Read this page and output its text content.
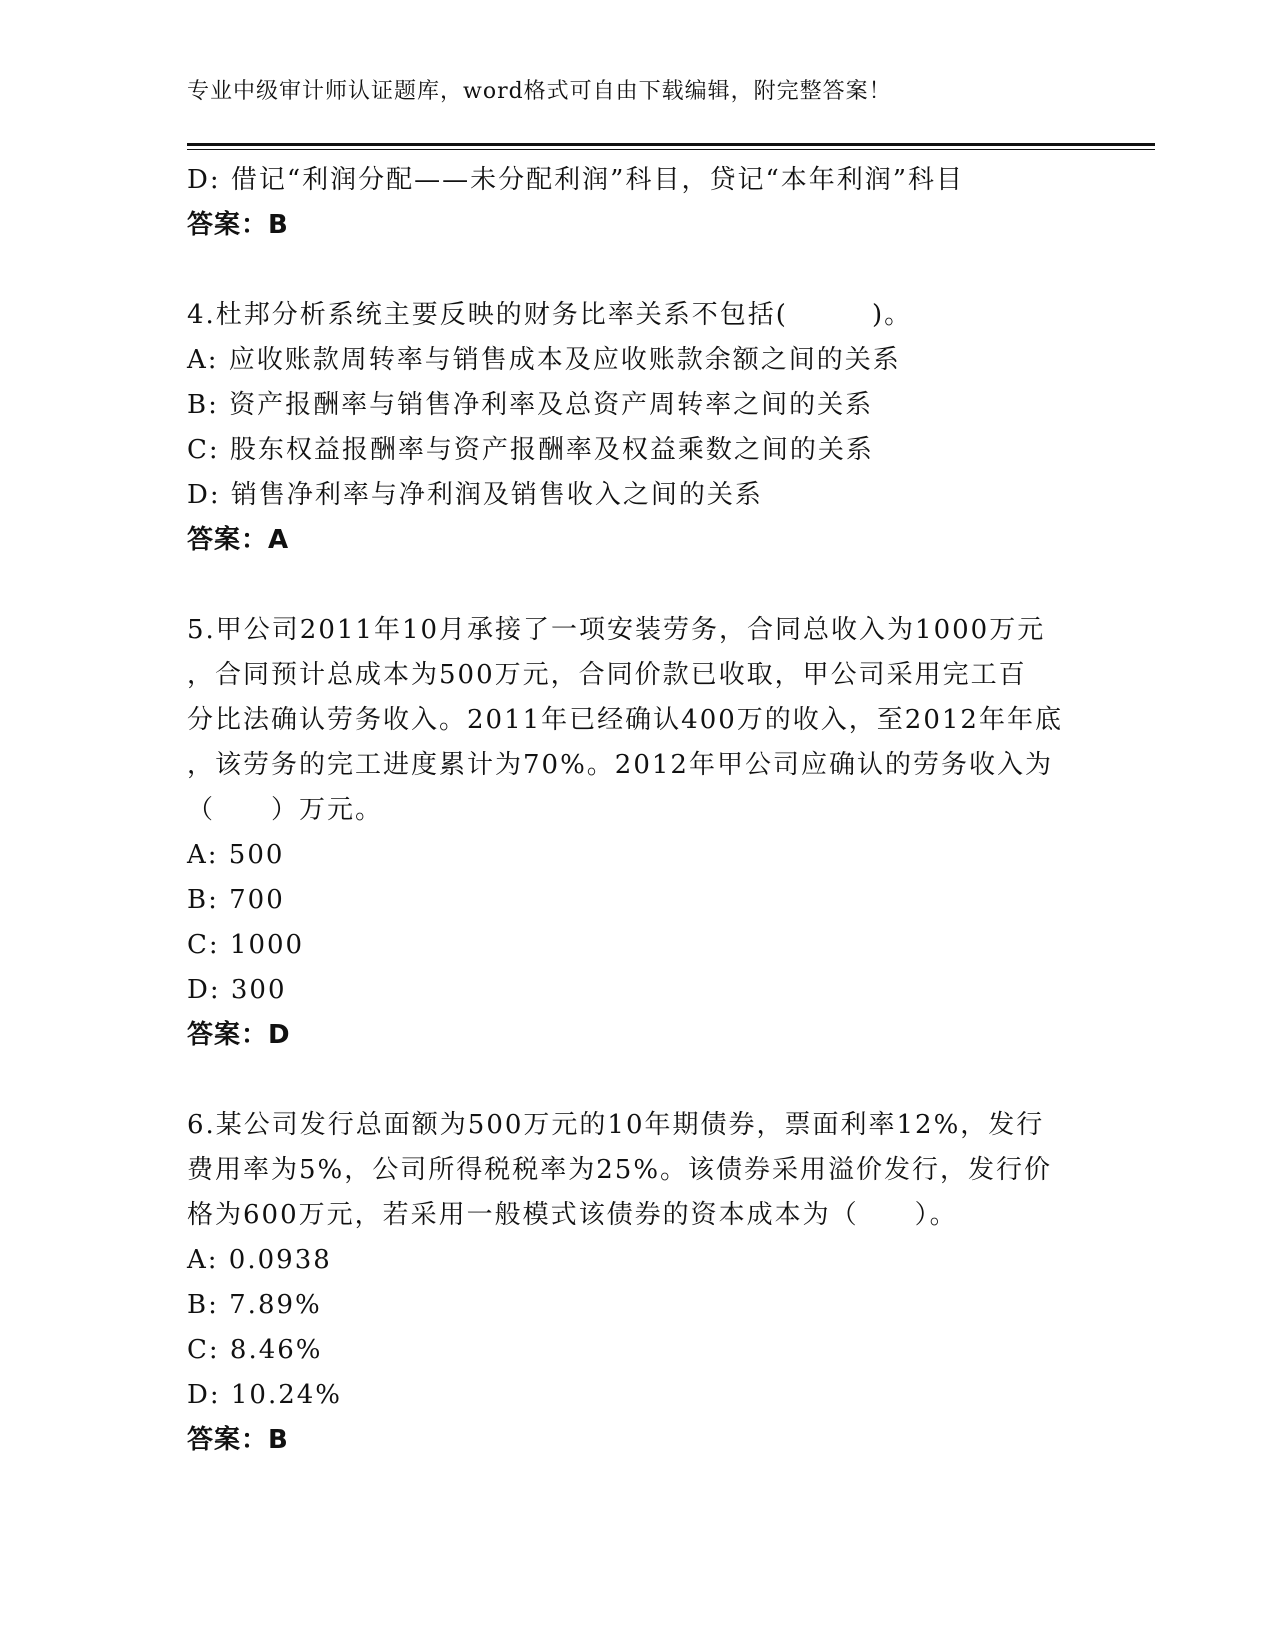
专业中级审计师认证题库，word格式可自由下载编辑，附完整答案！
D: 借记“利润分配——未分配利润”科目，贷记“本年利润”科目
答案：B
4.杜邦分析系统主要反映的财务比率关系不包括(　　　)。
A: 应收账款周转率与销售成本及应收账款余额之间的关系
B: 资产报酬率与销售净利率及总资产周转率之间的关系
C: 股东权益报酬率与资产报酬率及权益乘数之间的关系
D: 销售净利率与净利润及销售收入之间的关系
答案：A
5.甲公司2011年10月承接了一项安装劳务，合同总收入为1000万元
，合同预计总成本为500万元，合同价款已收取，甲公司采用完工百
分比法确认劳务收入。2011年已经确认400万的收入，至2012年年底
，该劳务的完工进度累计为70%。2012年甲公司应确认的劳务收入为
（　　）万元。
A: 500
B: 700
C: 1000
D: 300
答案：D
6.某公司发行总面额为500万元的10年期债券，票面利率12%，发行
费用率为5%，公司所得税税率为25%。该债券采用溢价发行，发行价
格为600万元，若采用一般模式该债券的资本成本为（　　）。
A: 0.0938
B: 7.89%
C: 8.46%
D: 10.24%
答案：B
